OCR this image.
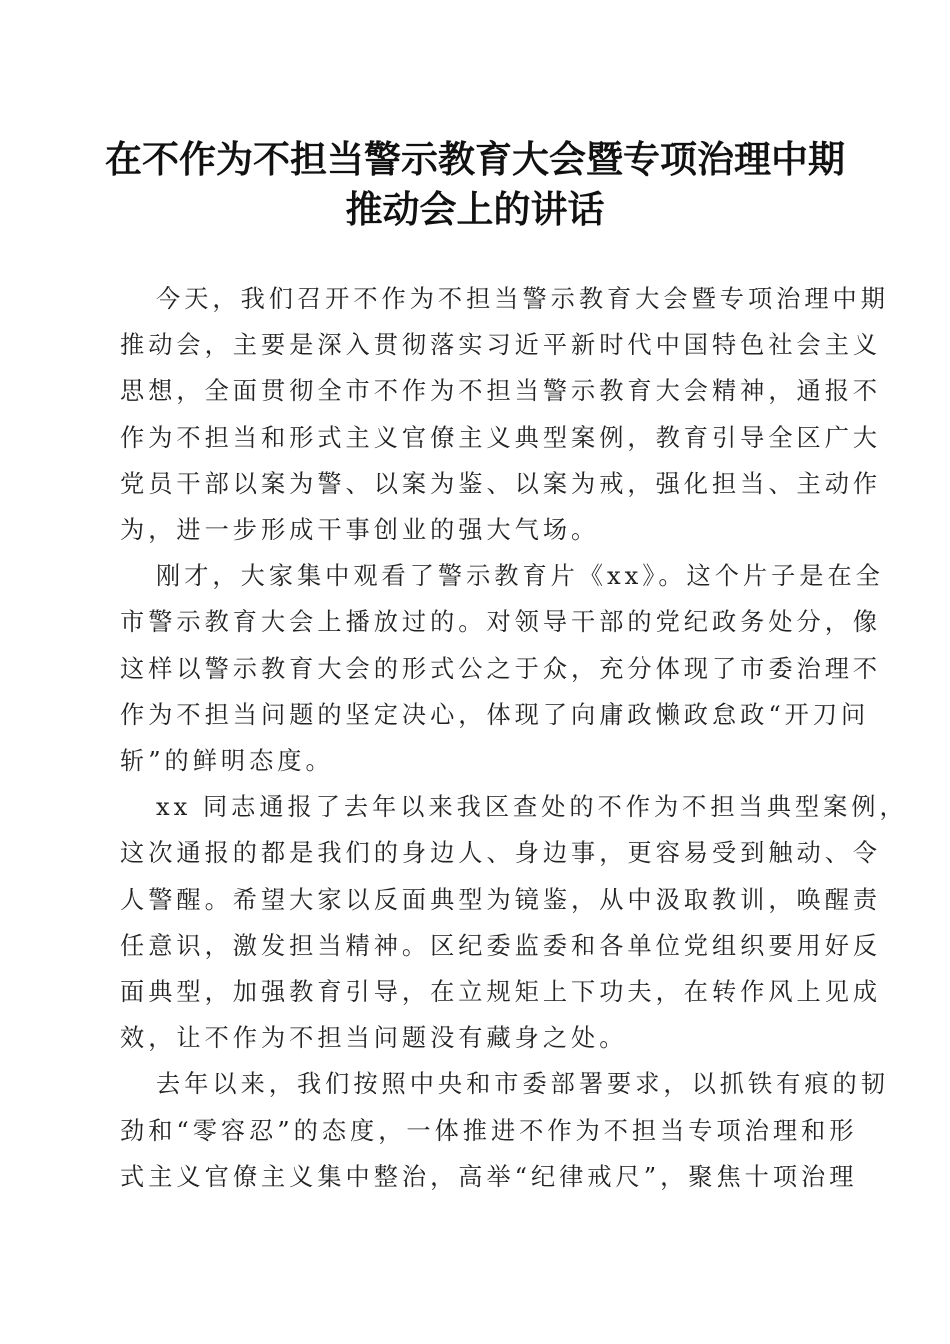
在不作为不担当警示教育大会暨专项治理中期
推动会上的讲话
今天，我们召开不作为不担当警示教育大会暨专项治理中期
推动会，主要是深入贯彻落实习近平新时代中国特色社会主义
思想，全面贯彻全市不作为不担当警示教育大会精神，通报不
作为不担当和形式主义官僚主义典型案例，教育引导全区广大
党员干部以案为警、以案为鉴、以案为戒，强化担当、主动作
为，进一步形成干事创业的强大气场。
刚才，大家集中观看了警示教育片《xx》。这个片子是在全
市警示教育大会上播放过的。对领导干部的党纪政务处分，像
这样以警示教育大会的形式公之于众，充分体现了市委治理不
作为不担当问题的坚定决心，体现了向庸政懒政怠政“开刀问
斩”的鲜明态度。
xx 同志通报了去年以来我区查处的不作为不担当典型案例，
这次通报的都是我们的身边人、身边事，更容易受到触动、令
人警醒。希望大家以反面典型为镜鉴，从中汲取教训，唤醒责
任意识，激发担当精神。区纪委监委和各单位党组织要用好反
面典型，加强教育引导，在立规矩上下功夫，在转作风上见成
效，让不作为不担当问题没有藏身之处。
去年以来，我们按照中央和市委部署要求，以抓铁有痕的韧
劲和“零容忍”的态度，一体推进不作为不担当专项治理和形
式主义官僚主义集中整治，高举“纪律戒尺”，聚焦十项治理
